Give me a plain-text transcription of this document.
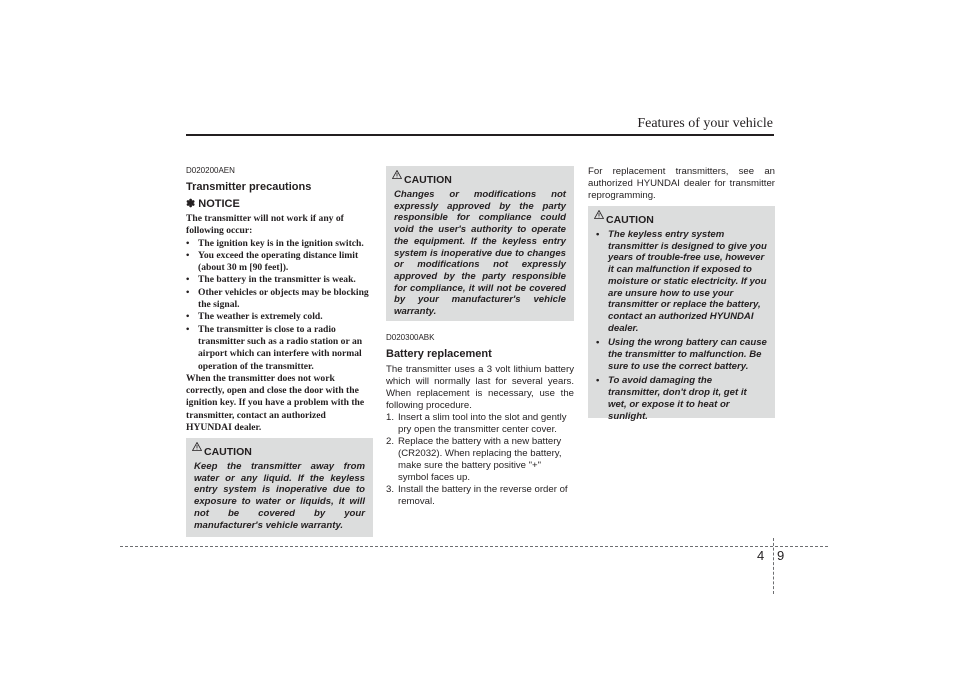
Features of your vehicle
D020200AEN
Transmitter precautions
✽ NOTICE

The transmitter will not work if any of following occur:

• The ignition key is in the ignition switch.
• You exceed the operating distance limit (about 30 m [90 feet]).
• The battery in the transmitter is weak.
• Other vehicles or objects may be blocking the signal.
• The weather is extremely cold.
• The transmitter is close to a radio transmitter such as a radio station or an airport which can interfere with normal operation of the transmitter.

When the transmitter does not work correctly, open and close the door with the ignition key. If you have a problem with the transmitter, contact an authorized HYUNDAI dealer.

CAUTION

Keep the transmitter away from water or any liquid. If the keyless entry system is inoperative due to exposure to water or liquids, it will not be covered by your manufacturer's vehicle warranty.

CAUTION

Changes or modifications not expressly approved by the party responsible for compliance could void the user's authority to operate the equipment. If the keyless entry system is inoperative due to changes or modifications not expressly approved by the party responsible for compliance, it will not be covered by your manufacturer's vehicle warranty.

D020300ABK
Battery replacement

The transmitter uses a 3 volt lithium battery which will normally last for several years. When replacement is necessary, use the following procedure.

1. Insert a slim tool into the slot and gently pry open the transmitter center cover.
2. Replace the battery with a new battery (CR2032). When replacing the battery, make sure the battery positive "+" symbol faces up.
3. Install the battery in the reverse order of removal.

For replacement transmitters, see an authorized HYUNDAI dealer for transmitter reprogramming.

CAUTION
• The keyless entry system transmitter is designed to give you years of trouble-free use, however it can malfunction if exposed to moisture or static electricity. If you are unsure how to use your transmitter or replace the battery, contact an authorized HYUNDAI dealer.
• Using the wrong battery can cause the transmitter to malfunction. Be sure to use the correct battery.
• To avoid damaging the transmitter, don't drop it, get it wet, or expose it to heat or sunlight.
4 9
